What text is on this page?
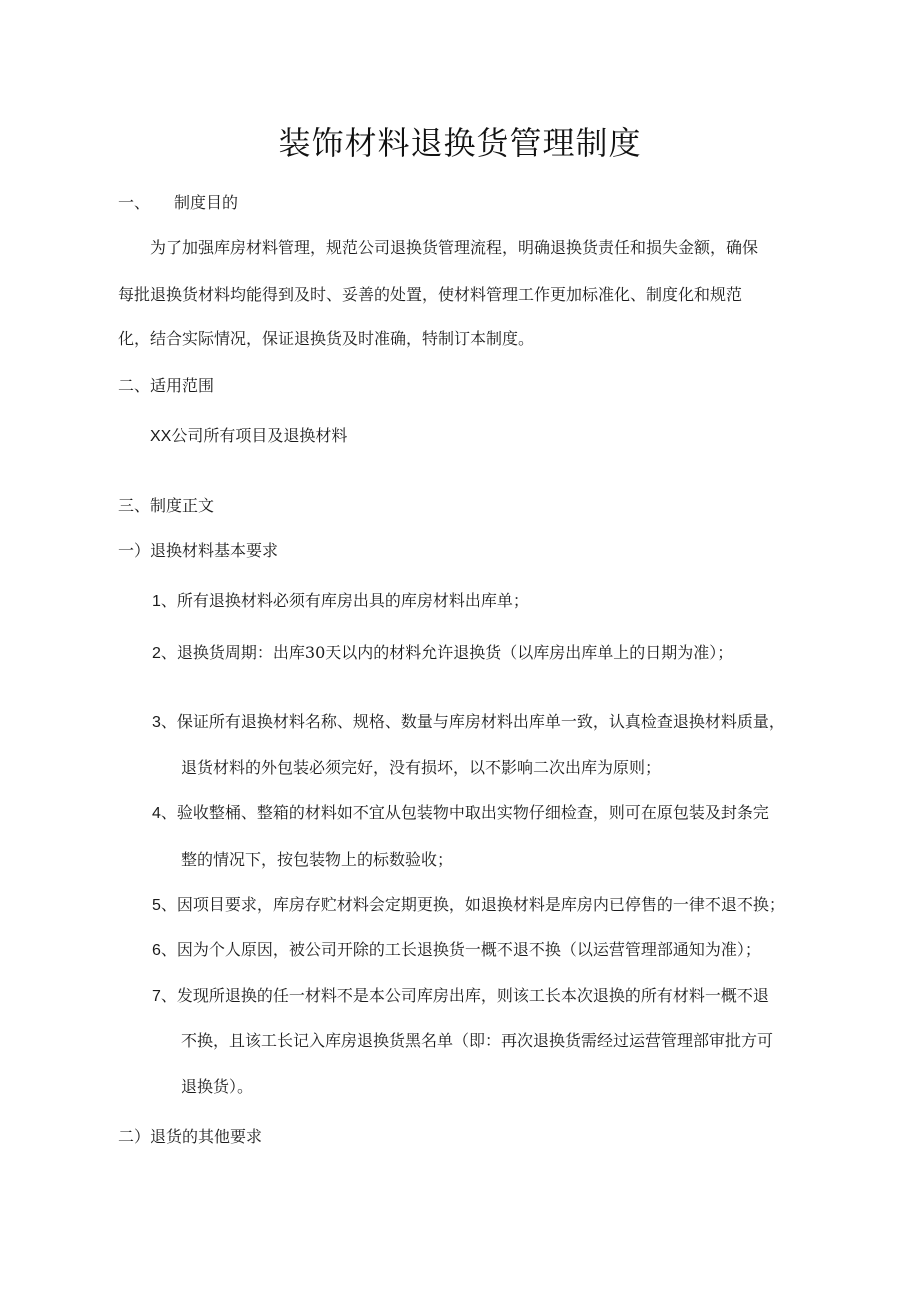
装饰材料退换货管理制度
一、 制度目的
为了加强库房材料管理，规范公司退换货管理流程，明确退换货责任和损失金额，确保
每批退换货材料均能得到及时、妥善的处置，使材料管理工作更加标准化、制度化和规范
化，结合实际情况，保证退换货及时准确，特制订本制度。
二、适用范围
XX公司所有项目及退换材料
三、制度正文
一）退换材料基本要求
1、所有退换材料必须有库房出具的库房材料出库单；
2、退换货周期：出库30天以内的材料允许退换货（以库房出库单上的日期为准）；
3、保证所有退换材料名称、规格、数量与库房材料出库单一致，认真检查退换材料质量，
退货材料的外包装必须完好，没有损坏，以不影响二次出库为原则；
4、验收整桶、整箱的材料如不宜从包装物中取出实物仔细检查，则可在原包装及封条完
整的情况下，按包装物上的标数验收；
5、因项目要求，库房存贮材料会定期更换，如退换材料是库房内已停售的一律不退不换；
6、因为个人原因，被公司开除的工长退换货一概不退不换（以运营管理部通知为准）；
7、发现所退换的任一材料不是本公司库房出库，则该工长本次退换的所有材料一概不退
不换，且该工长记入库房退换货黑名单（即：再次退换货需经过运营管理部审批方可
退换货）。
二）退货的其他要求
